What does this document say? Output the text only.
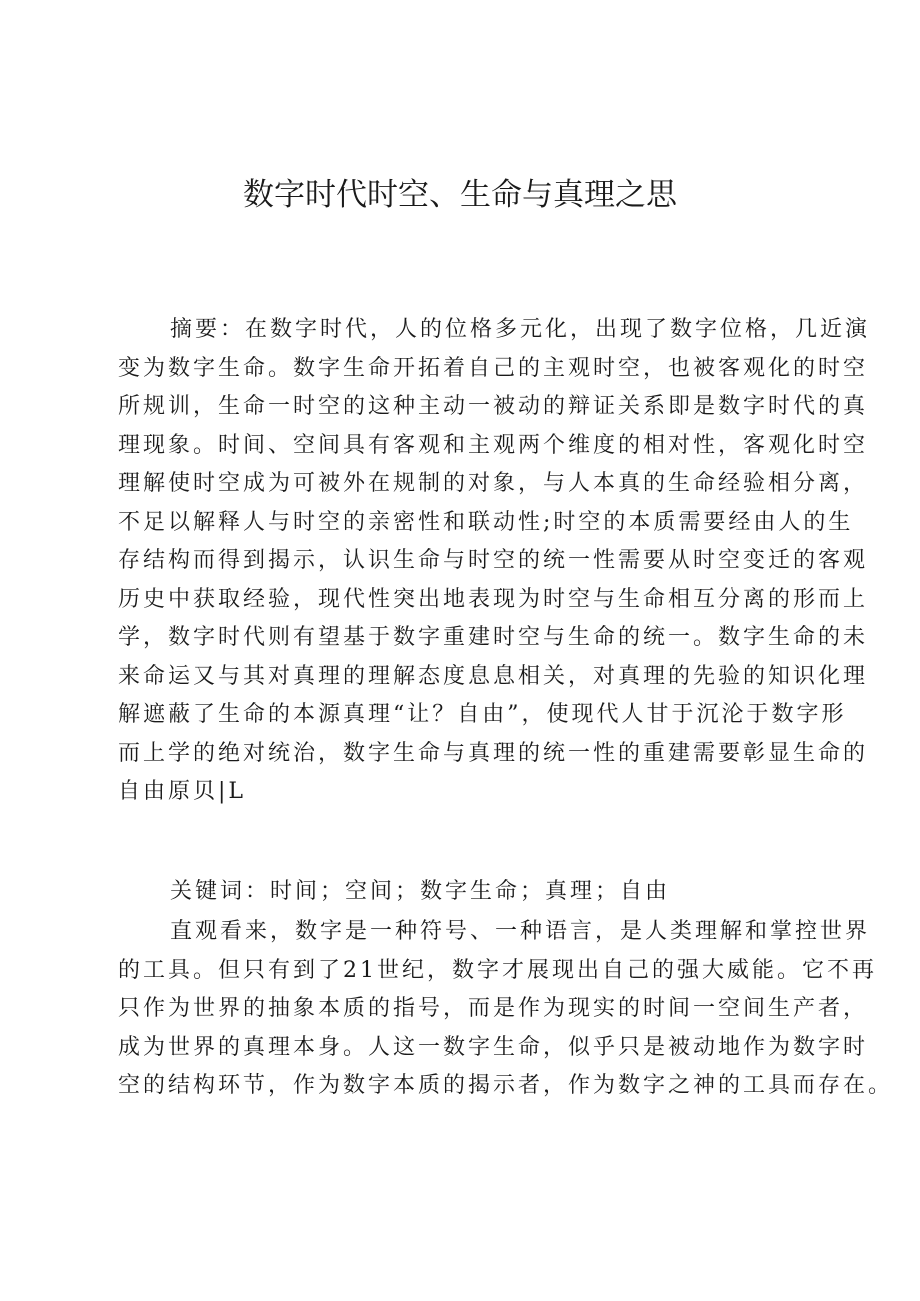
数字时代时空、生命与真理之思
摘要：在数字时代，人的位格多元化，出现了数字位格，几近演
变为数字生命。数字生命开拓着自己的主观时空，也被客观化的时空
所规训，生命一时空的这种主动一被动的辩证关系即是数字时代的真
理现象。时间、空间具有客观和主观两个维度的相对性，客观化时空
理解使时空成为可被外在规制的对象，与人本真的生命经验相分离，
不足以解释人与时空的亲密性和联动性;时空的本质需要经由人的生
存结构而得到揭示，认识生命与时空的统一性需要从时空变迁的客观
历史中获取经验，现代性突出地表现为时空与生命相互分离的形而上
学，数字时代则有望基于数字重建时空与生命的统一。数字生命的未
来命运又与其对真理的理解态度息息相关，对真理的先验的知识化理
解遮蔽了生命的本源真理“让？自由”，使现代人甘于沉沦于数字形
而上学的绝对统治，数字生命与真理的统一性的重建需要彰显生命的
自由原贝|L
关键词：时间；空间；数字生命；真理；自由
直观看来，数字是一种符号、一种语言，是人类理解和掌控世界
的工具。但只有到了21世纪，数字才展现出自己的强大威能。它不再
只作为世界的抽象本质的指号，而是作为现实的时间一空间生产者，
成为世界的真理本身。人这一数字生命，似乎只是被动地作为数字时
空的结构环节，作为数字本质的揭示者，作为数字之神的工具而存在。
